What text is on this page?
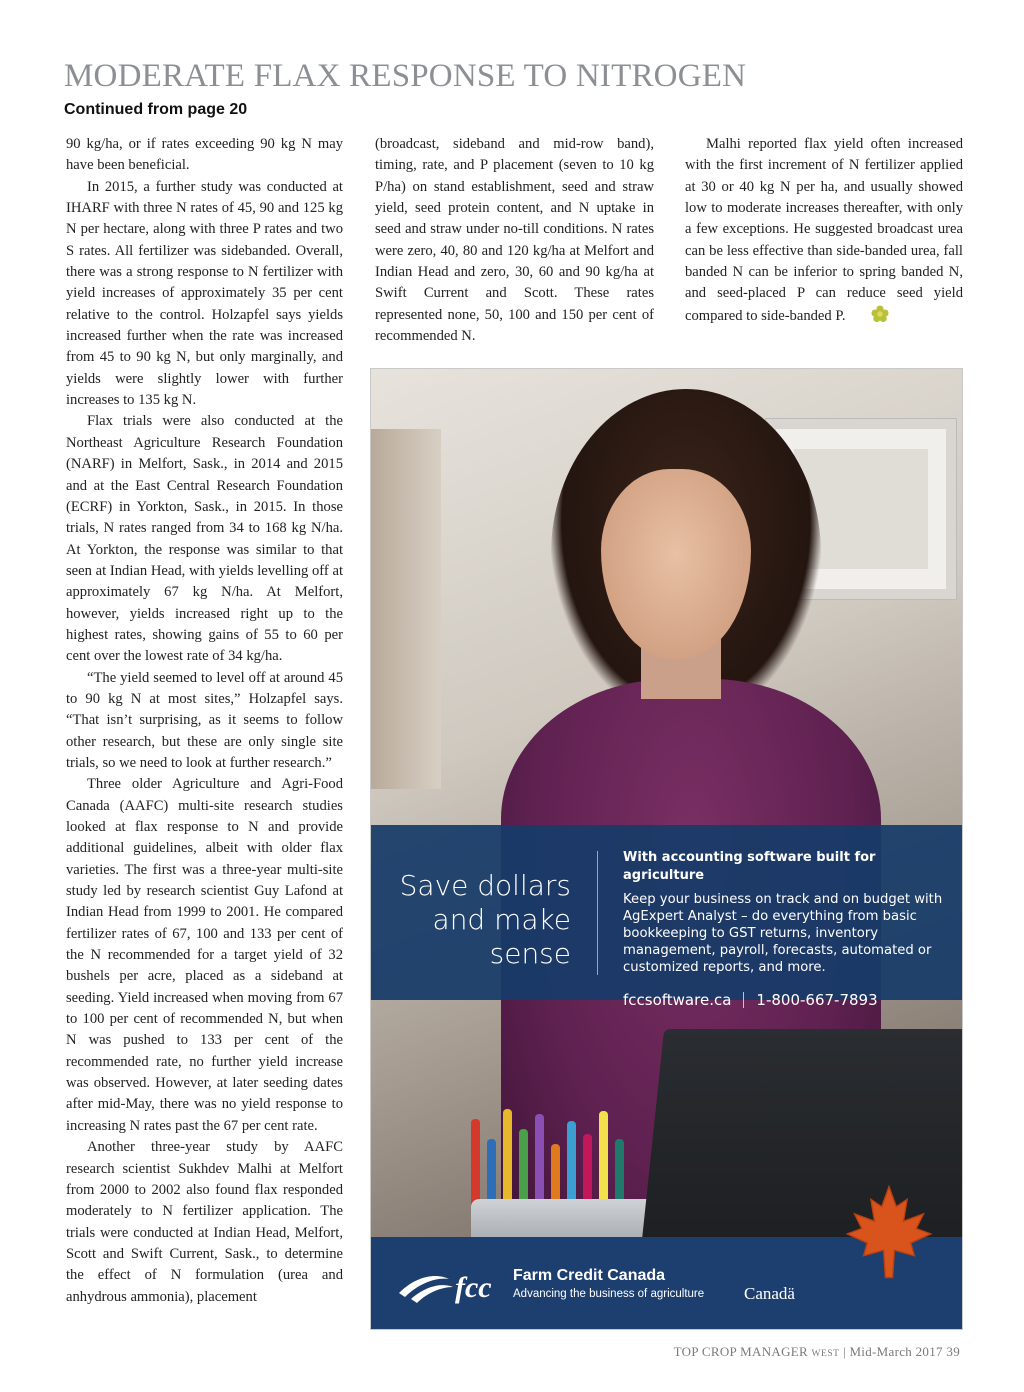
MODERATE FLAX RESPONSE TO NITROGEN
Continued from page 20

90 kg/ha, or if rates exceeding 90 kg N may have been beneficial.

In 2015, a further study was conducted at IHARF with three N rates of 45, 90 and 125 kg N per hectare, along with three P rates and two S rates. All fertilizer was sidebanded. Overall, there was a strong response to N fertilizer with yield increases of approximately 35 per cent relative to the control. Holzapfel says yields increased further when the rate was increased from 45 to 90 kg N, but only marginally, and yields were slightly lower with further increases to 135 kg N.

Flax trials were also conducted at the Northeast Agriculture Research Foundation (NARF) in Melfort, Sask., in 2014 and 2015 and at the East Central Research Foundation (ECRF) in Yorkton, Sask., in 2015. In those trials, N rates ranged from 34 to 168 kg N/ha. At Yorkton, the response was similar to that seen at Indian Head, with yields levelling off at approximately 67 kg N/ha. At Melfort, however, yields increased right up to the highest rates, showing gains of 55 to 60 per cent over the lowest rate of 34 kg/ha.

“The yield seemed to level off at around 45 to 90 kg N at most sites,” Holzapfel says. “That isn’t surprising, as it seems to follow other research, but these are only single site trials, so we need to look at further research.”

Three older Agriculture and Agri-Food Canada (AAFC) multi-site research studies looked at flax response to N and provide additional guidelines, albeit with older flax varieties. The first was a three-year multi-site study led by research scientist Guy Lafond at Indian Head from 1999 to 2001. He compared fertilizer rates of 67, 100 and 133 per cent of the N recommended for a target yield of 32 bushels per acre, placed as a sideband at seeding. Yield increased when moving from 67 to 100 per cent of recommended N, but when N was pushed to 133 per cent of the recommended rate, no further yield increase was observed. However, at later seeding dates after mid-May, there was no yield response to increasing N rates past the 67 per cent rate.

Another three-year study by AAFC research scientist Sukhdev Malhi at Melfort from 2000 to 2002 also found flax responded moderately to N fertilizer application. The trials were conducted at Indian Head, Melfort, Scott and Swift Current, Sask., to determine the effect of N formulation (urea and anhydrous ammonia), placement

(broadcast, sideband and mid-row band), timing, rate, and P placement (seven to 10 kg P/ha) on stand establishment, seed and straw yield, seed protein content, and N uptake in seed and straw under no-till conditions. N rates were zero, 40, 80 and 120 kg/ha at Melfort and Indian Head and zero, 30, 60 and 90 kg/ha at Swift Current and Scott. These rates represented none, 50, 100 and 150 per cent of recommended N.

Malhi reported flax yield often increased with the first increment of N fertilizer applied at 30 or 40 kg N per ha, and usually showed low to moderate increases thereafter, with only a few exceptions. He suggested broadcast urea can be less effective than side-banded urea, fall banded N can be inferior to spring banded N, and seed-placed P can reduce seed yield compared to side-banded P.

Save dollars
and make
sense
With accounting software built for agriculture
Keep your business on track and on budget with AgExpert Analyst – do everything from basic bookkeeping to GST returns, inventory management, payroll, forecasts, automated or customized reports, and more.
fccsoftware.ca 1-800-667-7893
fcc Farm Credit Canada
Advancing the business of agriculture Canadä
TOP CROP MANAGER WEST | Mid-March 2017 39
